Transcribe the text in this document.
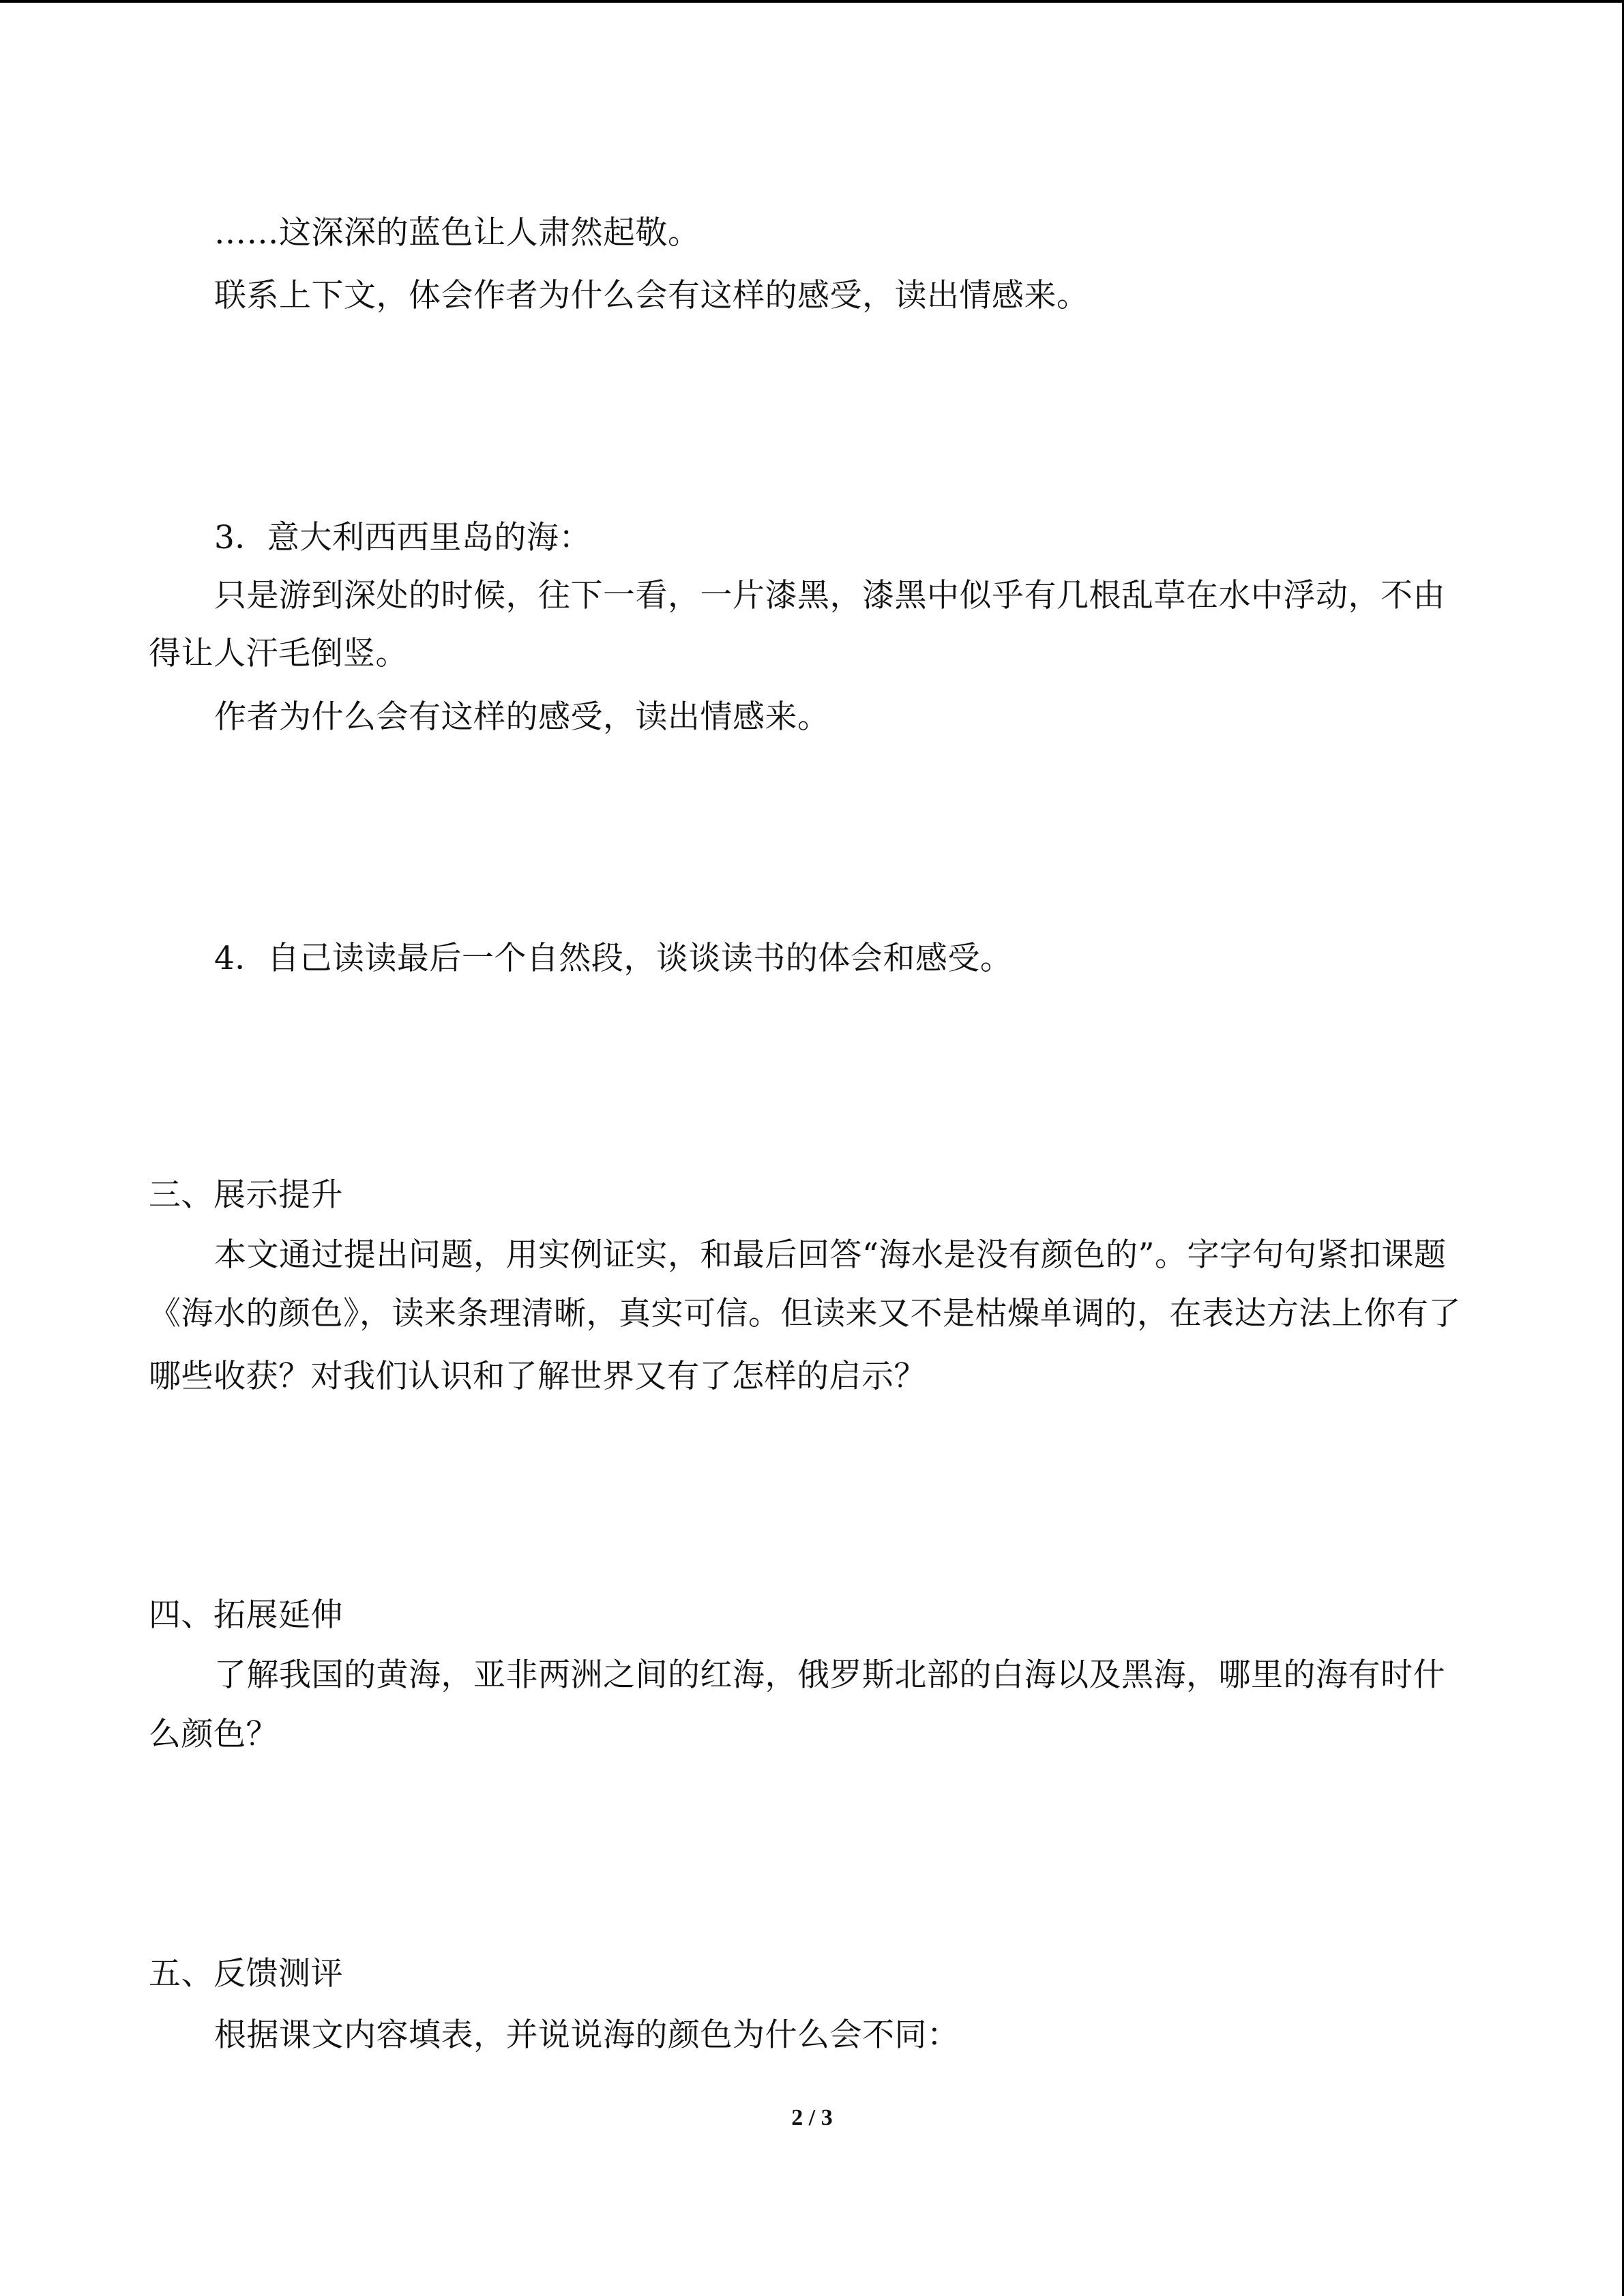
……这深深的蓝色让人肃然起敬。

联系上下文，体会作者为什么会有这样的感受，读出情感来。

3．意大利西西里岛的海：

只是游到深处的时候，往下一看，一片漆黑，漆黑中似乎有几根乱草在水中浮动，不由

得让人汗毛倒竖。

作者为什么会有这样的感受，读出情感来。

4．自己读读最后一个自然段，谈谈读书的体会和感受。

三、展示提升

本文通过提出问题，用实例证实，和最后回答“海水是没有颜色的”。字字句句紧扣课题

《海水的颜色》，读来条理清晰，真实可信。但读来又不是枯燥单调的，在表达方法上你有了

哪些收获？对我们认识和了解世界又有了怎样的启示？

四、拓展延伸

了解我国的黄海，亚非两洲之间的红海，俄罗斯北部的白海以及黑海，哪里的海有时什

么颜色？

五、反馈测评

根据课文内容填表，并说说海的颜色为什么会不同：

2 / 3
